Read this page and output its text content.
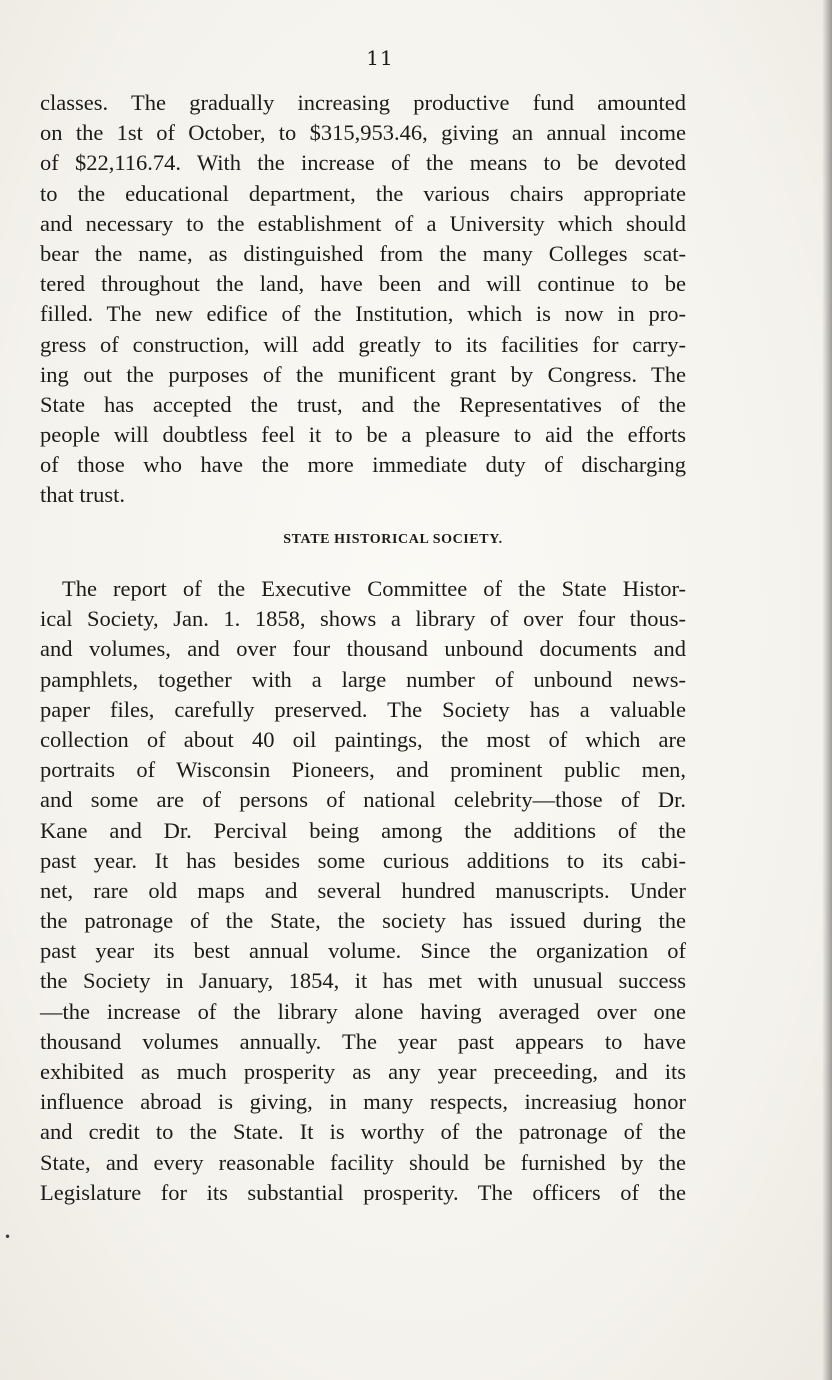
11
classes. The gradually increasing productive fund amounted
on the 1st of October, to $315,953.46, giving an annual income
of $22,116.74. With the increase of the means to be devoted
to the educational department, the various chairs appropriate
and necessary to the establishment of a University which should
bear the name, as distinguished from the many Colleges scat-
tered throughout the land, have been and will continue to be
filled. The new edifice of the Institution, which is now in pro-
gress of construction, will add greatly to its facilities for carry-
ing out the purposes of the munificent grant by Congress. The
State has accepted the trust, and the Representatives of the
people will doubtless feel it to be a pleasure to aid the efforts
of those who have the more immediate duty of discharging
that trust.
STATE HISTORICAL SOCIETY.
The report of the Executive Committee of the State Histor-
ical Society, Jan. 1. 1858, shows a library of over four thous-
and volumes, and over four thousand unbound documents and
pamphlets, together with a large number of unbound news-
paper files, carefully preserved. The Society has a valuable
collection of about 40 oil paintings, the most of which are
portraits of Wisconsin Pioneers, and prominent public men,
and some are of persons of national celebrity—those of Dr.
Kane and Dr. Percival being among the additions of the
past year. It has besides some curious additions to its cabi-
net, rare old maps and several hundred manuscripts. Under
the patronage of the State, the society has issued during the
past year its best annual volume. Since the organization of
the Society in January, 1854, it has met with unusual success
—the increase of the library alone having averaged over one
thousand volumes annually. The year past appears to have
exhibited as much prosperity as any year preceeding, and its
influence abroad is giving, in many respects, increasiug honor
and credit to the State. It is worthy of the patronage of the
State, and every reasonable facility should be furnished by the
Legislature for its substantial prosperity. The officers of the
•
